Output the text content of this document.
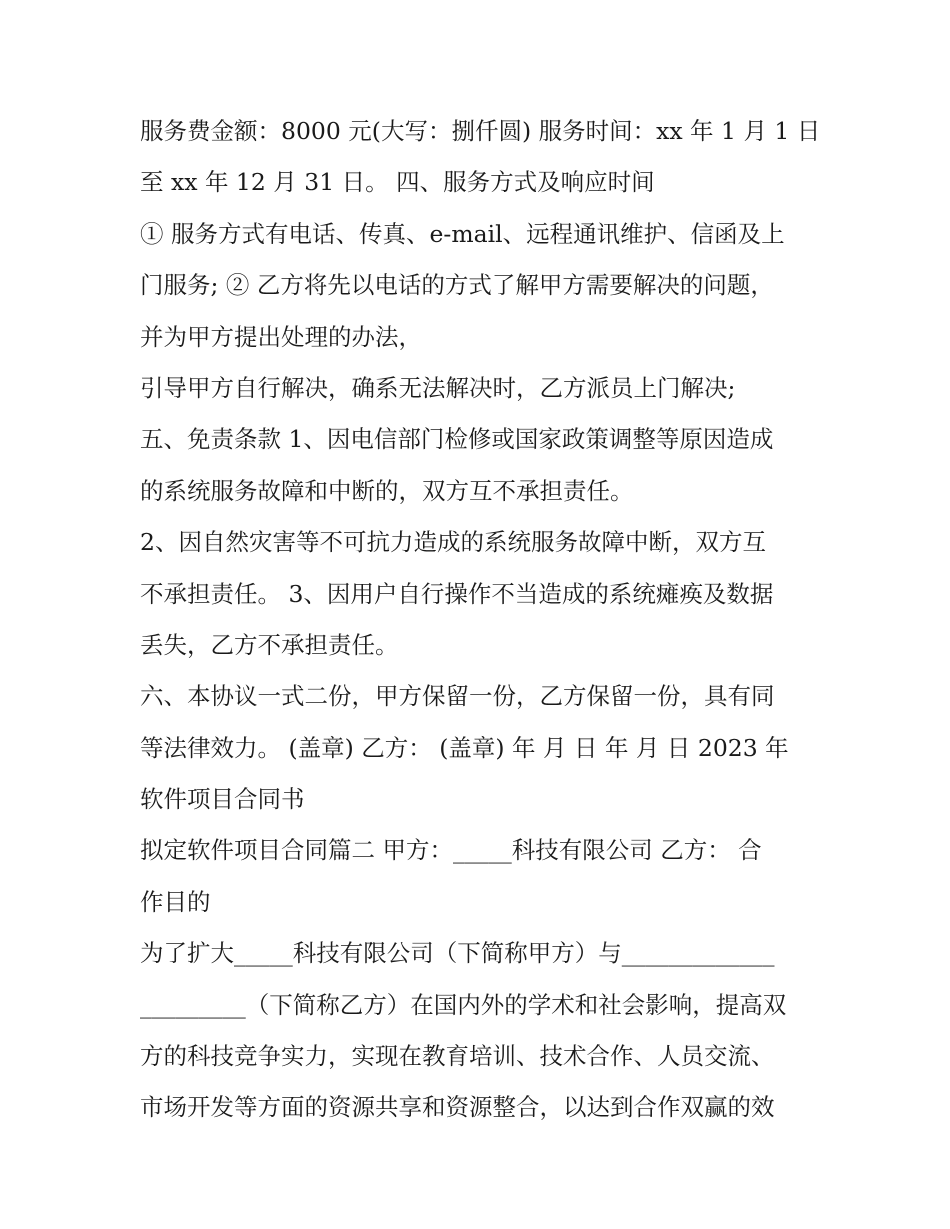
服务费金额：8000 元(大写：捌仟圆) 服务时间：xx 年 1 月 1 日
至 xx 年 12 月 31 日。 四、服务方式及响应时间
① 服务方式有电话、传真、e-mail、远程通讯维护、信函及上
门服务; ② 乙方将先以电话的方式了解甲方需要解决的问题，
并为甲方提出处理的办法，
引导甲方自行解决，确系无法解决时，乙方派员上门解决;
五、免责条款 1、因电信部门检修或国家政策调整等原因造成
的系统服务故障和中断的，双方互不承担责任。
2、因自然灾害等不可抗力造成的系统服务故障中断，双方互
不承担责任。 3、因用户自行操作不当造成的系统瘫痪及数据
丢失，乙方不承担责任。
六、本协议一式二份，甲方保留一份，乙方保留一份，具有同
等法律效力。 (盖章) 乙方： (盖章) 年 月 日 年 月 日 2023 年
软件项目合同书
拟定软件项目合同篇二 甲方：_____科技有限公司 乙方： 合
作目的
为了扩大_____科技有限公司（下简称甲方）与_____________
_________（下简称乙方）在国内外的学术和社会影响，提高双
方的科技竞争实力，实现在教育培训、技术合作、人员交流、
市场开发等方面的资源共享和资源整合，以达到合作双赢的效
